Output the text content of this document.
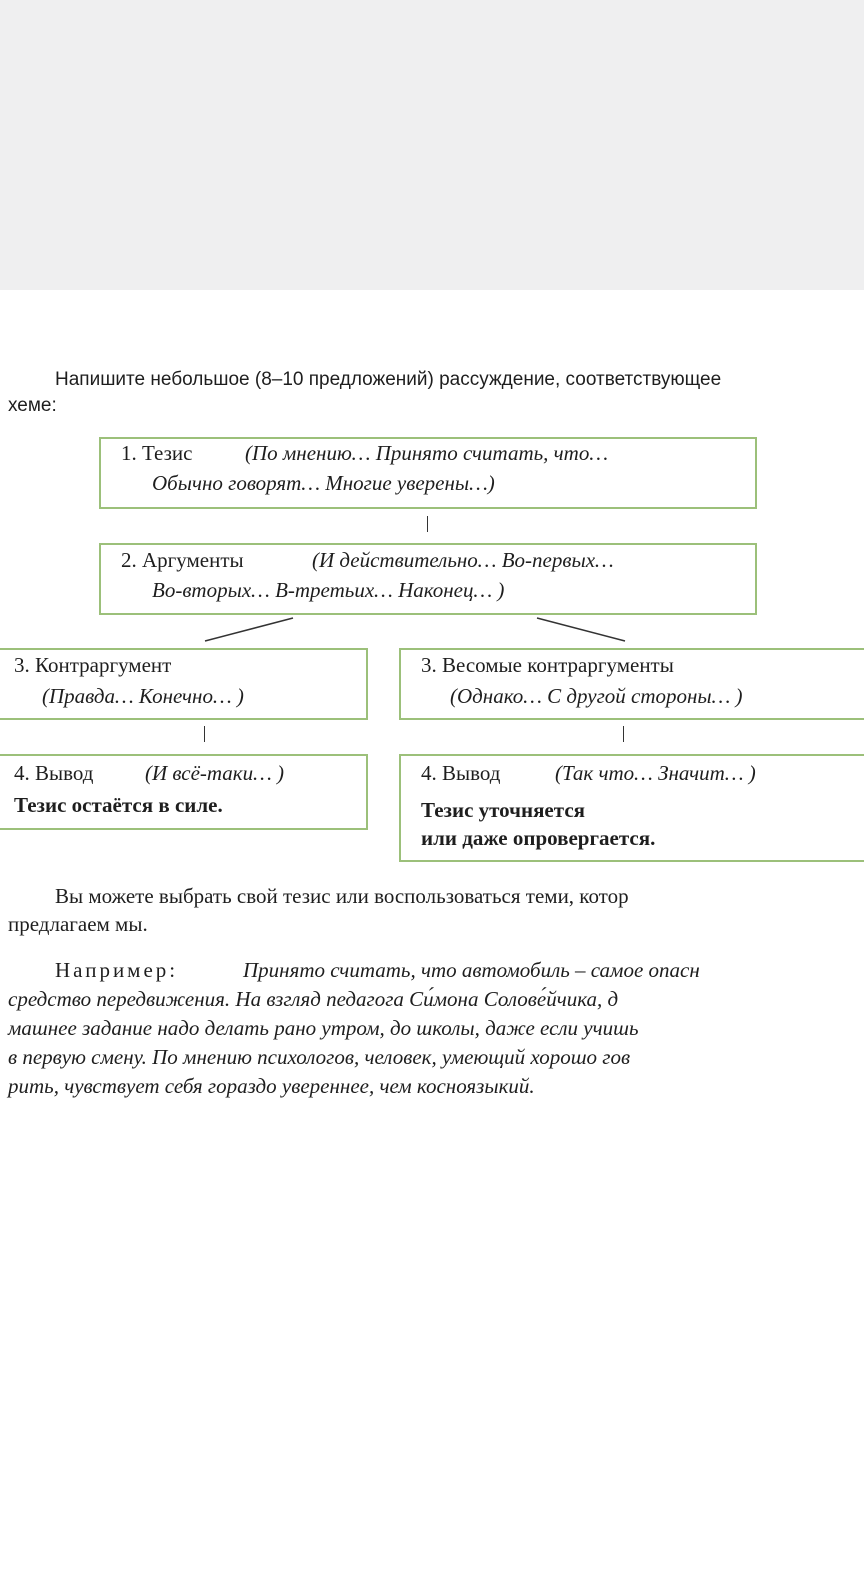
Напишите небольшое (8–10 предложений) рассуждение, соответствующее
хеме:
1. Тезис	(По мнению… Принято считать, что…
Обычно говорят… Многие уверены…)
2. Аргументы	(И действительно… Во-первых…
Во-вторых… В-третьих… Наконец… )
3. Контраргумент
(Правда… Конечно… )
3. Весомые контраргументы
(Однако… С другой стороны… )
4. Вывод (И всё-таки… )
Тезис остаётся в силе.
4. Вывод	(Так что… Значит… )
Тезис уточняется
или даже опровергается.
Вы можете выбрать свой тезис или воспользоваться теми, котор
предлагаем мы.
Например:	Принято считать, что автомобиль – самое опасн
средство передвижения. На взгляд педагога Си́мона Солове́йчика, д
машнее задание надо делать рано утром, до школы, даже если учишь
в первую смену. По мнению психологов, человек, умеющий хорошо гов
рить, чувствует себя гораздо увереннее, чем косноязыкий.
